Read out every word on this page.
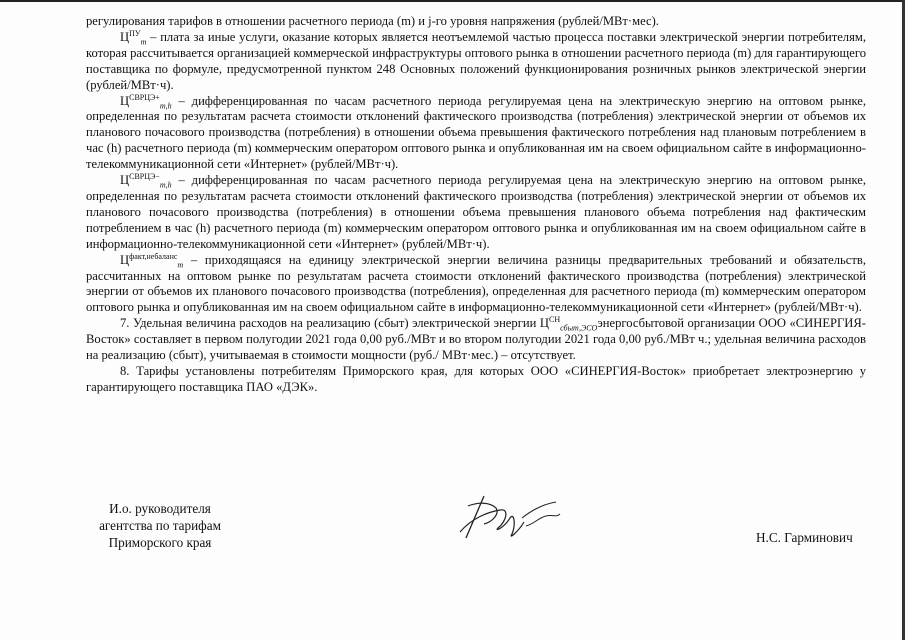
регулирования тарифов в отношении расчетного периода (m) и j-го уровня напряжения (рублей/МВт·мес).

$Ц^{ПУ}_m$ – плата за иные услуги, оказание которых является неотъемлемой частью процесса поставки электрической энергии потребителям, которая рассчитывается организацией коммерческой инфраструктуры оптового рынка в отношении расчетного периода (m) для гарантирующего поставщика по формуле, предусмотренной пунктом 248 Основных положений функционирования розничных рынков электрической энергии (рублей/МВт·ч).

$Ц^{СВРЦЭ+}_{m,h}$ – дифференцированная по часам расчетного периода регулируемая цена на электрическую энергию на оптовом рынке, определенная по результатам расчета стоимости отклонений фактического производства (потребления) электрической энергии от объемов их планового почасового производства (потребления) в отношении объема превышения фактического потребления над плановым потреблением в час (h) расчетного периода (m) коммерческим оператором оптового рынка и опубликованная им на своем официальном сайте в информационно-телекоммуникационной сети «Интернет» (рублей/МВт·ч).

$Ц^{СВРЦЭ-}_{m,h}$ – дифференцированная по часам расчетного периода регулируемая цена на электрическую энергию на оптовом рынке, определенная по результатам расчета стоимости отклонений фактического производства (потребления) электрической энергии от объемов их планового почасового производства (потребления) в отношении объема превышения планового объема потребления над фактическим потреблением в час (h) расчетного периода (m) коммерческим оператором оптового рынка и опубликованная им на своем официальном сайте в информационно-телекоммуникационной сети «Интернет» (рублей/МВт·ч).

$Ц^{факт,небаланс}_m$ – приходящаяся на единицу электрической энергии величина разницы предварительных требований и обязательств, рассчитанных на оптовом рынке по результатам расчета стоимости отклонений фактического производства (потребления) электрической энергии от объемов их планового почасового производства (потребления), определенная для расчетного периода (m) коммерческим оператором оптового рынка и опубликованная им на своем официальном сайте в информационно-телекоммуникационной сети «Интернет» (рублей/МВт·ч).

7. Удельная величина расходов на реализацию (сбыт) электрической энергии $Ц^{СН}_{сбыт,ЭСО}энергосбытовой$ организации ООО «СИНЕРГИЯ-Восток» составляет в первом полугодии 2021 года 0,00 руб./МВт и во втором полугодии 2021 года 0,00 руб./МВт ч.; удельная величина расходов на реализацию (сбыт), учитываемая в стоимости мощности (руб./ МВт·мес.) – отсутствует.

8. Тарифы установлены потребителям Приморского края, для которых ООО «СИНЕРГИЯ-Восток» приобретает электроэнергию у гарантирующего поставщика ПАО «ДЭК».

И.о. руководителя
агентства по тарифам
Приморского края	Н.С. Гарминович
